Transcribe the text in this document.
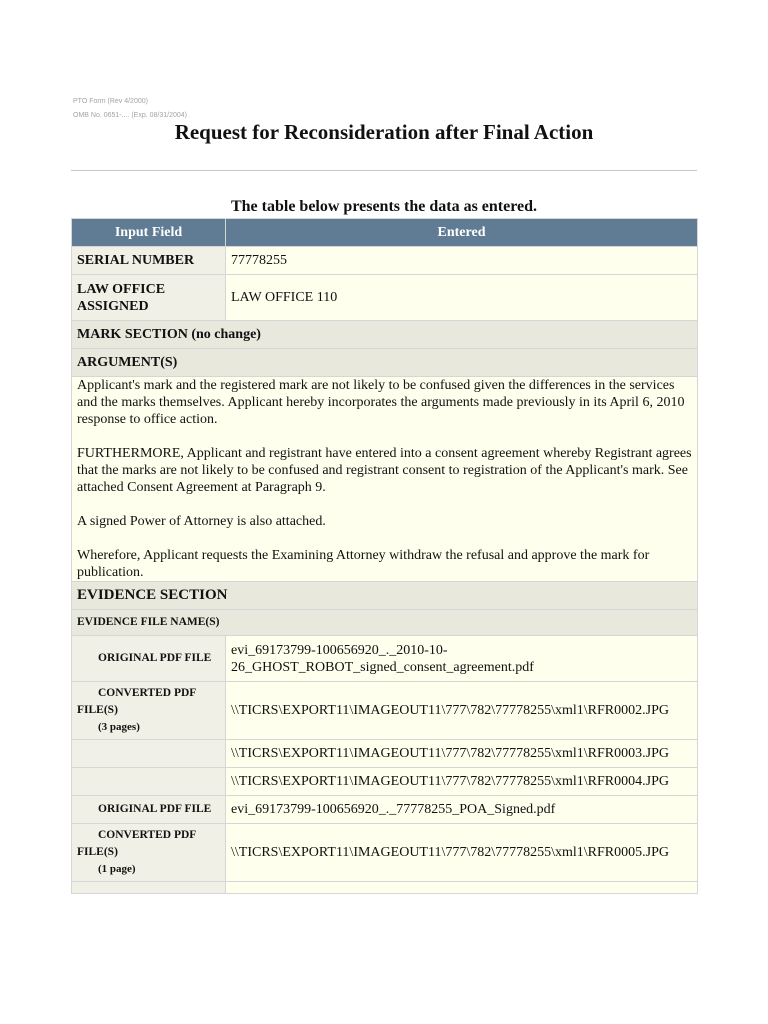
PTO Form (Rev 4/2000)
OMB No. 0651-.... (Exp. 08/31/2004)
Request for Reconsideration after Final Action
The table below presents the data as entered.
Input Field	Entered
SERIAL NUMBER	77778255
LAW OFFICE ASSIGNED	LAW OFFICE 110
MARK SECTION (no change)	
ARGUMENT(S)	

Applicant's mark and the registered mark are not likely to be confused given the differences in the services and the marks themselves. Applicant hereby incorporates the arguments made previously in its April 6, 2010 response to office action.

FURTHERMORE, Applicant and registrant have entered into a consent agreement whereby Registrant agrees that the marks are not likely to be confused and registrant consent to registration of the Applicant's mark. See attached Consent Agreement at Paragraph 9.

A signed Power of Attorney is also attached.

Wherefore, Applicant requests the Examining Attorney withdraw the refusal and approve the mark for publication.	

EVIDENCE SECTION	
EVIDENCE FILE NAME(S)	
ORIGINAL PDF FILE	evi_69173799-100656920_._2010-10-26_GHOST_ROBOT_signed_consent_agreement.pdf
CONVERTED PDF FILE(S)
(3 pages)	\\TICRS\EXPORT11\IMAGEOUT11\777\782\77778255\xml1\RFR0002.JPG
	\\TICRS\EXPORT11\IMAGEOUT11\777\782\77778255\xml1\RFR0003.JPG
	\\TICRS\EXPORT11\IMAGEOUT11\777\782\77778255\xml1\RFR0004.JPG
ORIGINAL PDF FILE	evi_69173799-100656920_._77778255_POA_Signed.pdf
CONVERTED PDF FILE(S)
(1 page)	\\TICRS\EXPORT11\IMAGEOUT11\777\782\77778255\xml1\RFR0005.JPG
